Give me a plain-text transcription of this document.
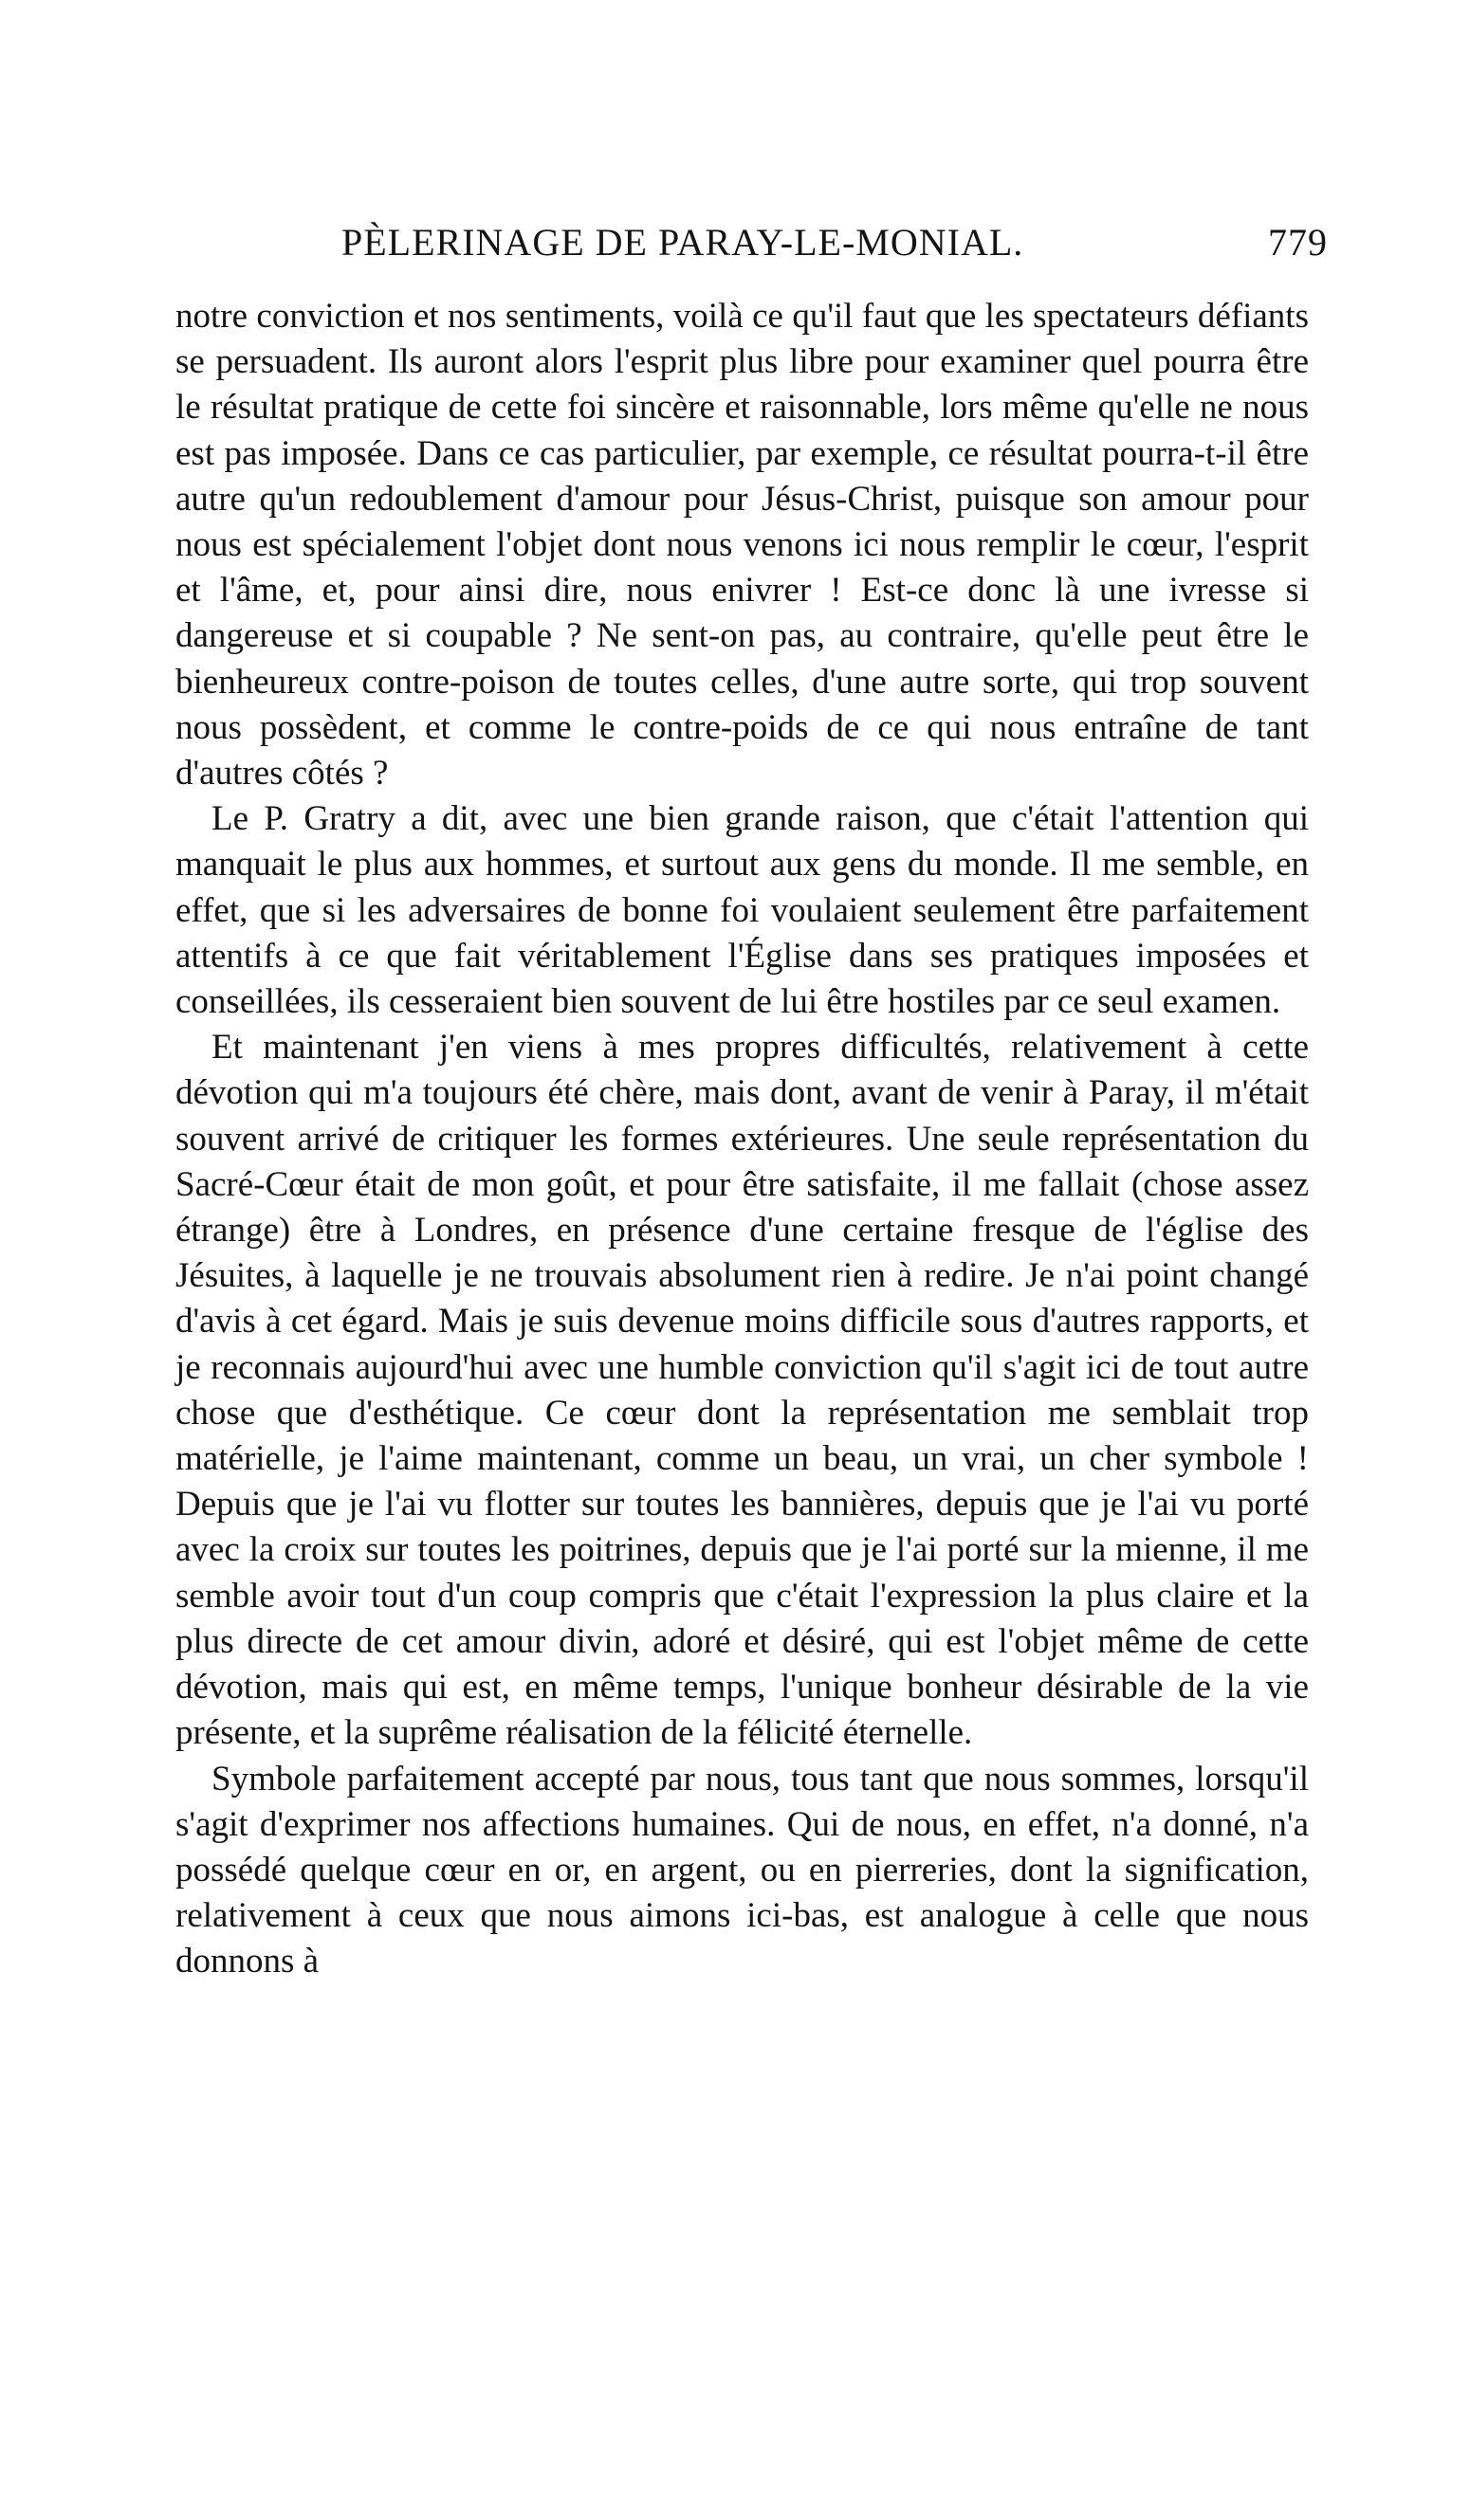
PÈLERINAGE DE PARAY-LE-MONIAL.	779

notre conviction et nos sentiments, voilà ce qu'il faut que les spectateurs défiants se persuadent. Ils auront alors l'esprit plus libre pour examiner quel pourra être le résultat pratique de cette foi sincère et raisonnable, lors même qu'elle ne nous est pas imposée. Dans ce cas particulier, par exemple, ce résultat pourra-t-il être autre qu'un redoublement d'amour pour Jésus-Christ, puisque son amour pour nous est spécialement l'objet dont nous venons ici nous remplir le cœur, l'esprit et l'âme, et, pour ainsi dire, nous enivrer ! Est-ce donc là une ivresse si dangereuse et si coupable ? Ne sent-on pas, au contraire, qu'elle peut être le bienheureux contre-poison de toutes celles, d'une autre sorte, qui trop souvent nous possèdent, et comme le contre-poids de ce qui nous entraîne de tant d'autres côtés ?

Le P. Gratry a dit, avec une bien grande raison, que c'était l'attention qui manquait le plus aux hommes, et surtout aux gens du monde. Il me semble, en effet, que si les adversaires de bonne foi voulaient seulement être parfaitement attentifs à ce que fait véritablement l'Église dans ses pratiques imposées et conseillées, ils cesseraient bien souvent de lui être hostiles par ce seul examen.

Et maintenant j'en viens à mes propres difficultés, relativement à cette dévotion qui m'a toujours été chère, mais dont, avant de venir à Paray, il m'était souvent arrivé de critiquer les formes extérieures. Une seule représentation du Sacré-Cœur était de mon goût, et pour être satisfaite, il me fallait (chose assez étrange) être à Londres, en présence d'une certaine fresque de l'église des Jésuites, à laquelle je ne trouvais absolument rien à redire. Je n'ai point changé d'avis à cet égard. Mais je suis devenue moins difficile sous d'autres rapports, et je reconnais aujourd'hui avec une humble conviction qu'il s'agit ici de tout autre chose que d'esthétique. Ce cœur dont la représentation me semblait trop matérielle, je l'aime maintenant, comme un beau, un vrai, un cher symbole ! Depuis que je l'ai vu flotter sur toutes les bannières, depuis que je l'ai vu porté avec la croix sur toutes les poitrines, depuis que je l'ai porté sur la mienne, il me semble avoir tout d'un coup compris que c'était l'expression la plus claire et la plus directe de cet amour divin, adoré et désiré, qui est l'objet même de cette dévotion, mais qui est, en même temps, l'unique bonheur désirable de la vie présente, et la suprême réalisation de la félicité éternelle.

Symbole parfaitement accepté par nous, tous tant que nous sommes, lorsqu'il s'agit d'exprimer nos affections humaines. Qui de nous, en effet, n'a donné, n'a possédé quelque cœur en or, en argent, ou en pierreries, dont la signification, relativement à ceux que nous aimons ici-bas, est analogue à celle que nous donnons à
